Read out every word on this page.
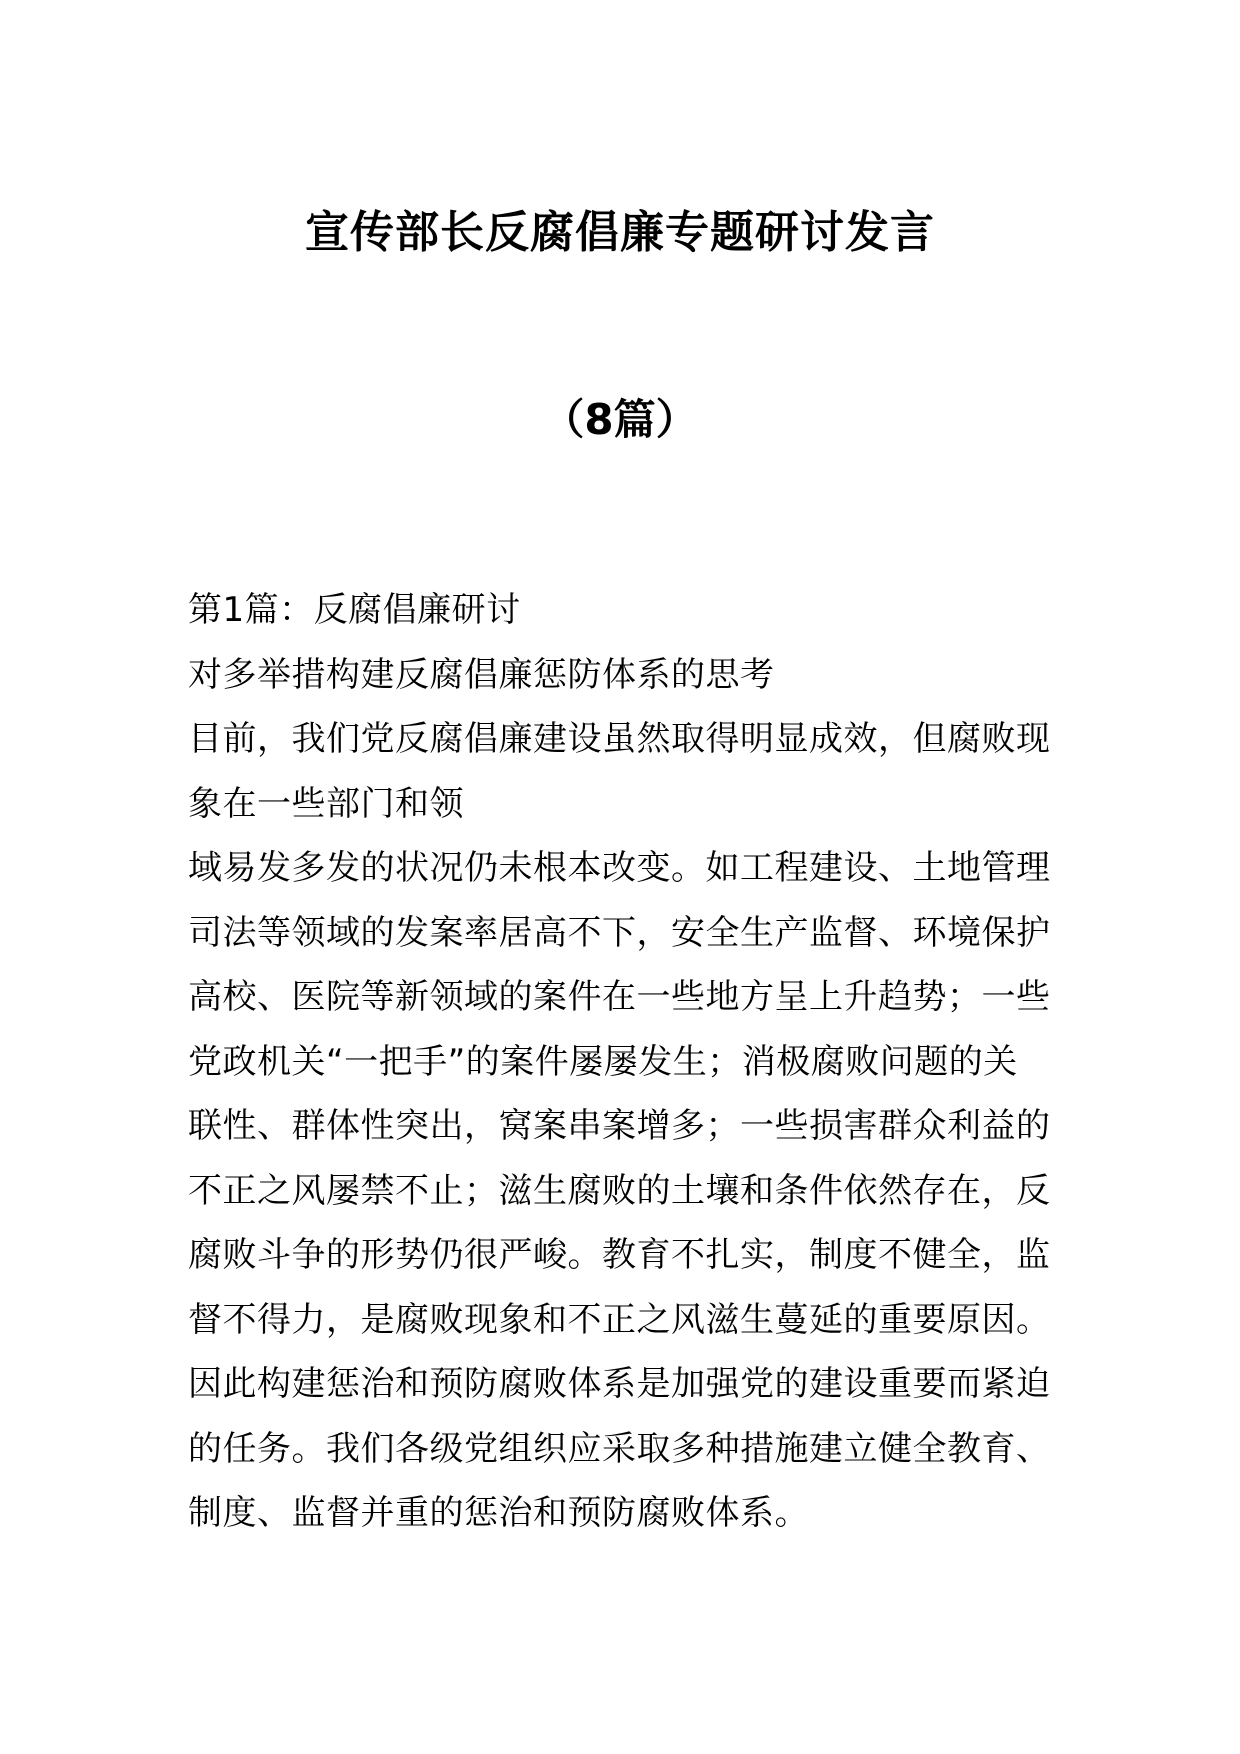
宣传部长反腐倡廉专题研讨发言
（8篇）
第1篇：反腐倡廉研讨
对多举措构建反腐倡廉惩防体系的思考
目前，我们党反腐倡廉建设虽然取得明显成效，但腐败现
象在一些部门和领
域易发多发的状况仍未根本改变。如工程建设、土地管理
司法等领域的发案率居高不下，安全生产监督、环境保护
高校、医院等新领域的案件在一些地方呈上升趋势；一些
党政机关“一把手”的案件屡屡发生；消极腐败问题的关
联性、群体性突出，窝案串案增多；一些损害群众利益的
不正之风屡禁不止；滋生腐败的土壤和条件依然存在，反
腐败斗争的形势仍很严峻。教育不扎实，制度不健全，监
督不得力，是腐败现象和不正之风滋生蔓延的重要原因。
因此构建惩治和预防腐败体系是加强党的建设重要而紧迫
的任务。我们各级党组织应采取多种措施建立健全教育、
制度、监督并重的惩治和预防腐败体系。
